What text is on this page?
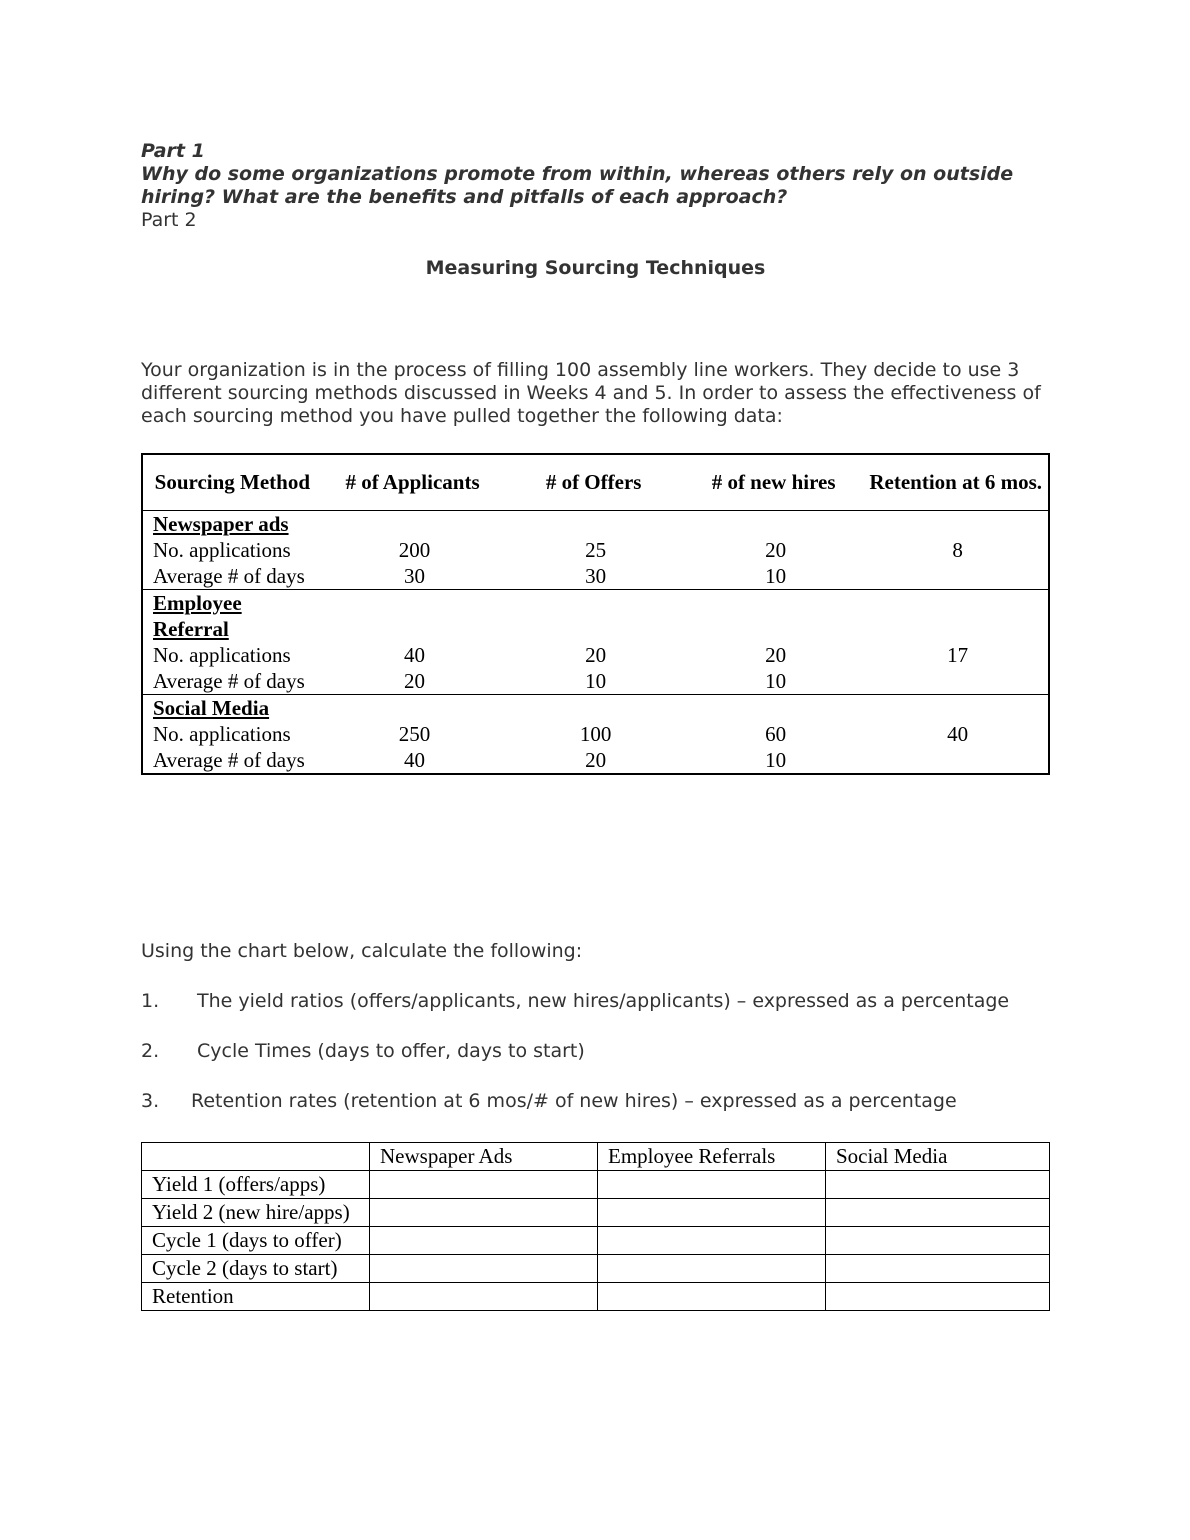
Part 1
Why do some organizations promote from within, whereas others rely on outside hiring? What are the benefits and pitfalls of each approach?
Part 2
Measuring Sourcing Techniques
Your organization is in the process of filling 100 assembly line workers. They decide to use 3 different sourcing methods discussed in Weeks 4 and 5. In order to assess the effectiveness of each sourcing method you have pulled together the following data:
Sourcing Method	# of Applicants	# of Offers	# of new hires	Retention at 6 mos.
Newspaper ads				
No. applications	200	25	20	8
Average # of days	30	30	10	
Employee Referral				
No. applications	40	20	20	17
Average # of days	20	10	10	
Social Media				
No. applications	250	100	60	40
Average # of days	40	20	10	

Using the chart below, calculate the following:

1.	The yield ratios (offers/applicants, new hires/applicants) – expressed as a percentage

2.	Cycle Times (days to offer, days to start)

3.	Retention rates (retention at 6 mos/# of new hires) – expressed as a percentage

	Newspaper Ads	Employee Referrals	Social Media
Yield 1 (offers/apps)			
Yield 2 (new hire/apps)			
Cycle 1 (days to offer)			
Cycle 2 (days to start)			
Retention			
